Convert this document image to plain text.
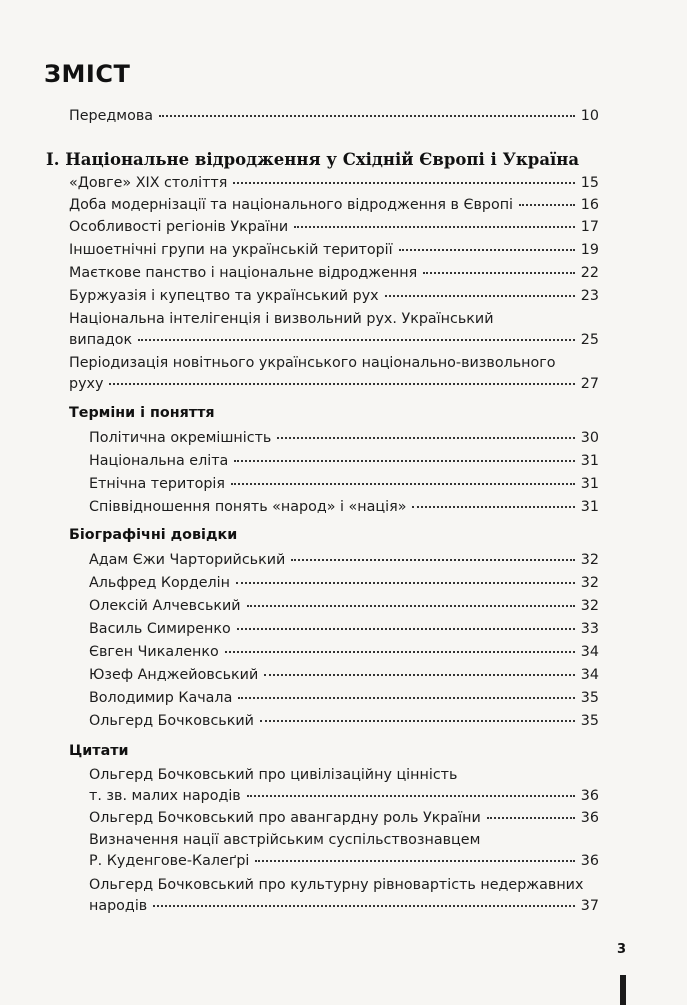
ЗМІСТ
Передмова	10
I. Національне відродження у Східній Європі і Україна
«Довге» XIX століття	15
Доба модернізації та національного відродження в Європі	16
Особливості регіонів України	17
Іншоетнічні групи на українській території	19
Маєткове панство і національне відродження	22
Буржуазія і купецтво та український рух	23
Національна інтелігенція і визвольний рух. Український
випадок	25
Періодизація новітнього українського національно-визвольного
руху	27
Терміни і поняття
Політична окремішність	30
Національна еліта	31
Етнічна територія	31
Співвідношення понять «народ» і «нація»	31
Біографічні довідки
Адам Єжи Чарторийський	32
Альфред Корделін	32
Олексій Алчевський	32
Василь Симиренко	33
Євген Чикаленко	34
Юзеф Анджейовський	34
Володимир Качала	35
Ольгерд Бочковський	35
Цитати
Ольгерд Бочковський про цивілізаційну цінність
т. зв. малих народів	36
Ольгерд Бочковський про авангардну роль України	36
Визначення нації австрійським суспільствознавцем
Р. Куденгове-Калеґрі	36
Ольгерд Бочковський про культурну рівновартість недержавних
народів	37
3
